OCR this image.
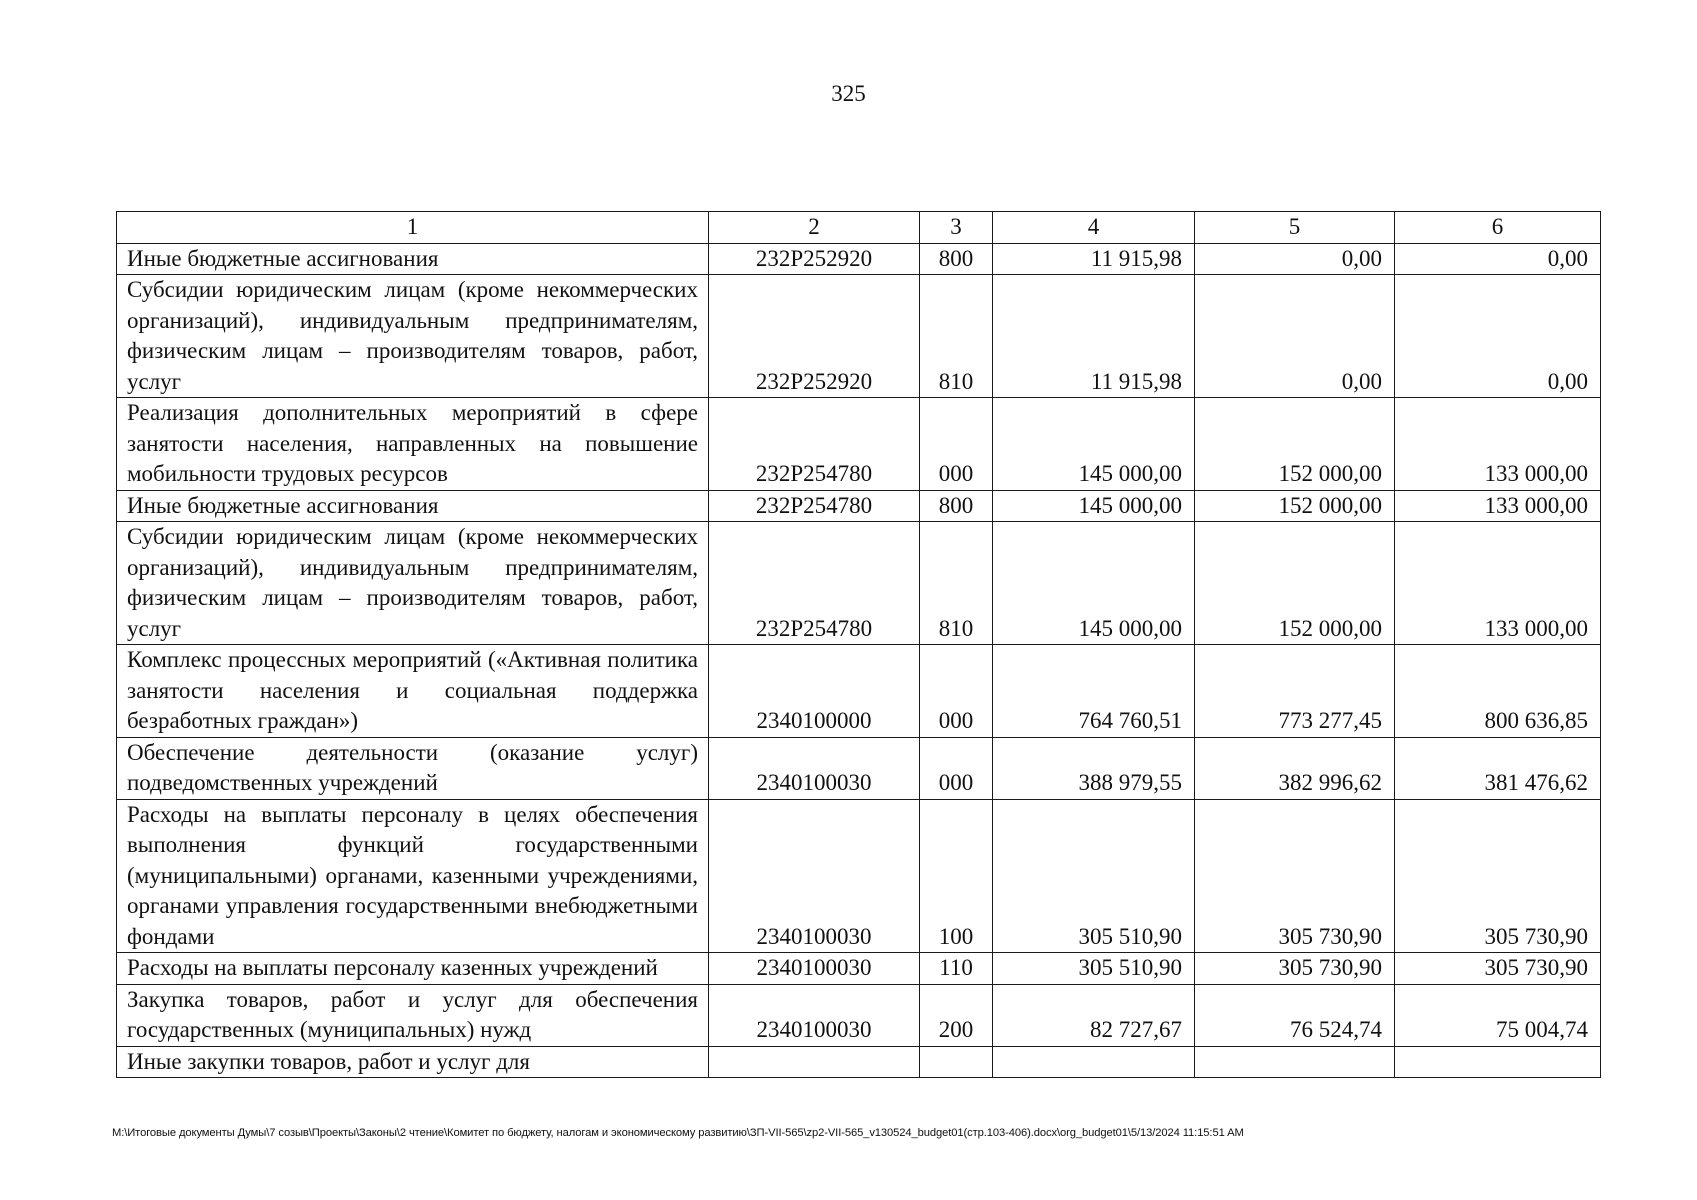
325
1	2	3	4	5	6
Иные бюджетные ассигнования	232Р252920	800	11 915,98	0,00	0,00
Субсидии юридическим лицам (кроме некоммерческих организаций), индивидуальным предпринимателям, физическим лицам – производителям товаров, работ, услуг	232Р252920	810	11 915,98	0,00	0,00
Реализация дополнительных мероприятий в сфере занятости населения, направленных на повышение мобильности трудовых ресурсов	232Р254780	000	145 000,00	152 000,00	133 000,00
Иные бюджетные ассигнования	232Р254780	800	145 000,00	152 000,00	133 000,00
Субсидии юридическим лицам (кроме некоммерческих организаций), индивидуальным предпринимателям, физическим лицам – производителям товаров, работ, услуг	232Р254780	810	145 000,00	152 000,00	133 000,00
Комплекс процессных мероприятий («Активная политика занятости населения и социальная поддержка безработных граждан»)	2340100000	000	764 760,51	773 277,45	800 636,85
Обеспечение деятельности (оказание услуг) подведомственных учреждений	2340100030	000	388 979,55	382 996,62	381 476,62
Расходы на выплаты персоналу в целях обеспечения выполнения функций государственными (муниципальными) органами, казенными учреждениями, органами управления государственными внебюджетными фондами	2340100030	100	305 510,90	305 730,90	305 730,90
Расходы на выплаты персоналу казенных учреждений	2340100030	110	305 510,90	305 730,90	305 730,90
Закупка товаров, работ и услуг для обеспечения государственных (муниципальных) нужд	2340100030	200	82 727,67	76 524,74	75 004,74
Иные закупки товаров, работ и услуг для					
M:\Итоговые документы Думы\7 созыв\Проекты\Законы\2 чтение\Комитет по бюджету, налогам и экономическому развитию\ЗП-VII-565\zp2-VII-565_v130524_budget01(стр.103-406).docx\org_budget01\5/13/2024 11:15:51 AM
